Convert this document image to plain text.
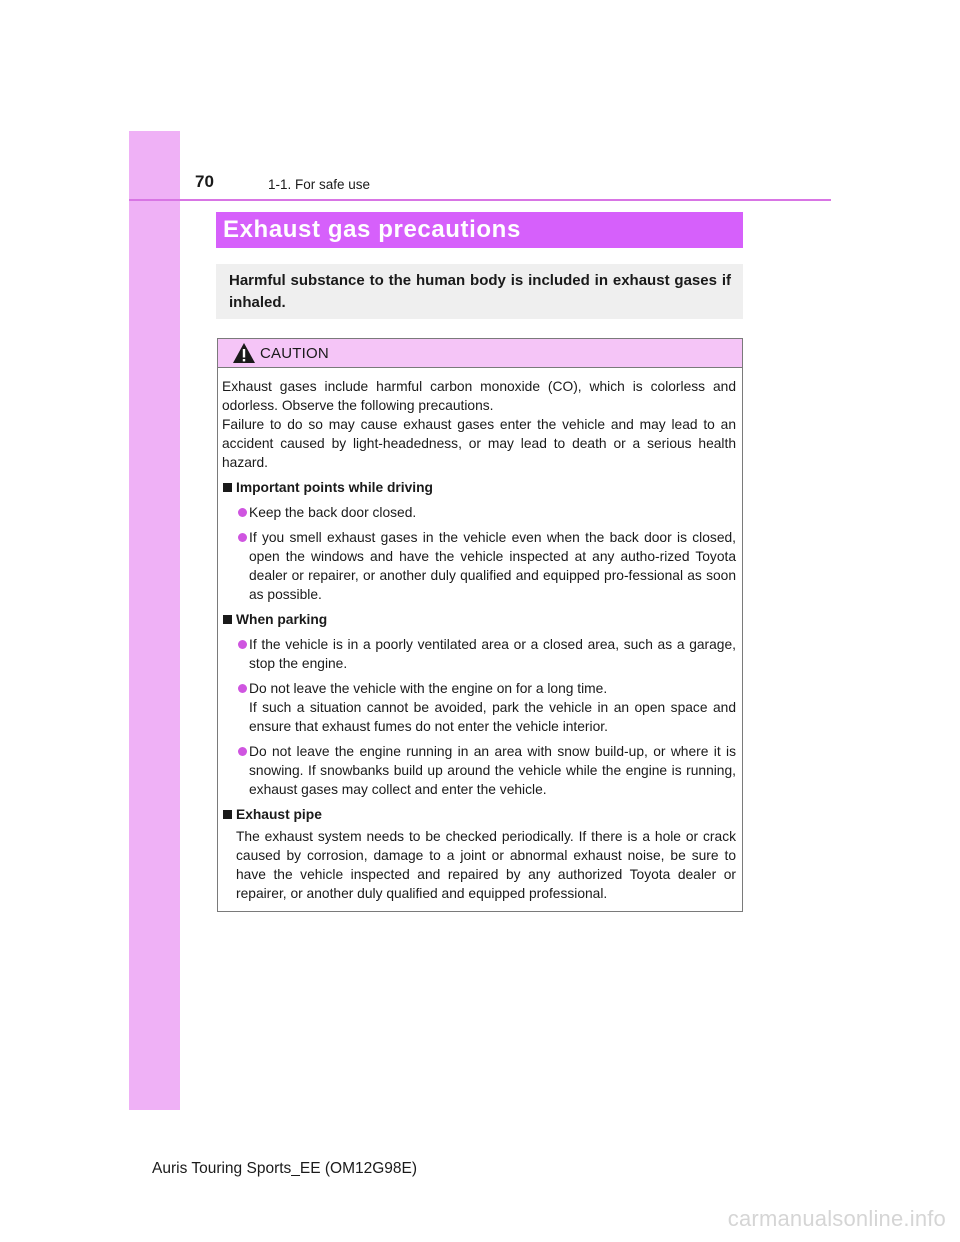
70	1-1. For safe use
Exhaust gas precautions
Harmful substance to the human body is included in exhaust gases if inhaled.
CAUTION

Exhaust gases include harmful carbon monoxide (CO), which is colorless and odorless. Observe the following precautions.

Failure to do so may cause exhaust gases enter the vehicle and may lead to an accident caused by light-headedness, or may lead to death or a serious health hazard.

Important points while driving
Keep the back door closed.
If you smell exhaust gases in the vehicle even when the back door is closed, open the windows and have the vehicle inspected at any autho-rized Toyota dealer or repairer, or another duly qualified and equipped pro-fessional as soon as possible.
When parking
If the vehicle is in a poorly ventilated area or a closed area, such as a garage, stop the engine.
Do not leave the vehicle with the engine on for a long time.
If such a situation cannot be avoided, park the vehicle in an open space and ensure that exhaust fumes do not enter the vehicle interior.
Do not leave the engine running in an area with snow build-up, or where it is snowing. If snowbanks build up around the vehicle while the engine is running, exhaust gases may collect and enter the vehicle.
Exhaust pipe
The exhaust system needs to be checked periodically. If there is a hole or crack caused by corrosion, damage to a joint or abnormal exhaust noise, be sure to have the vehicle inspected and repaired by any authorized Toyota dealer or repairer, or another duly qualified and equipped professional.
Auris Touring Sports_EE (OM12G98E)
carmanualsonline.info
